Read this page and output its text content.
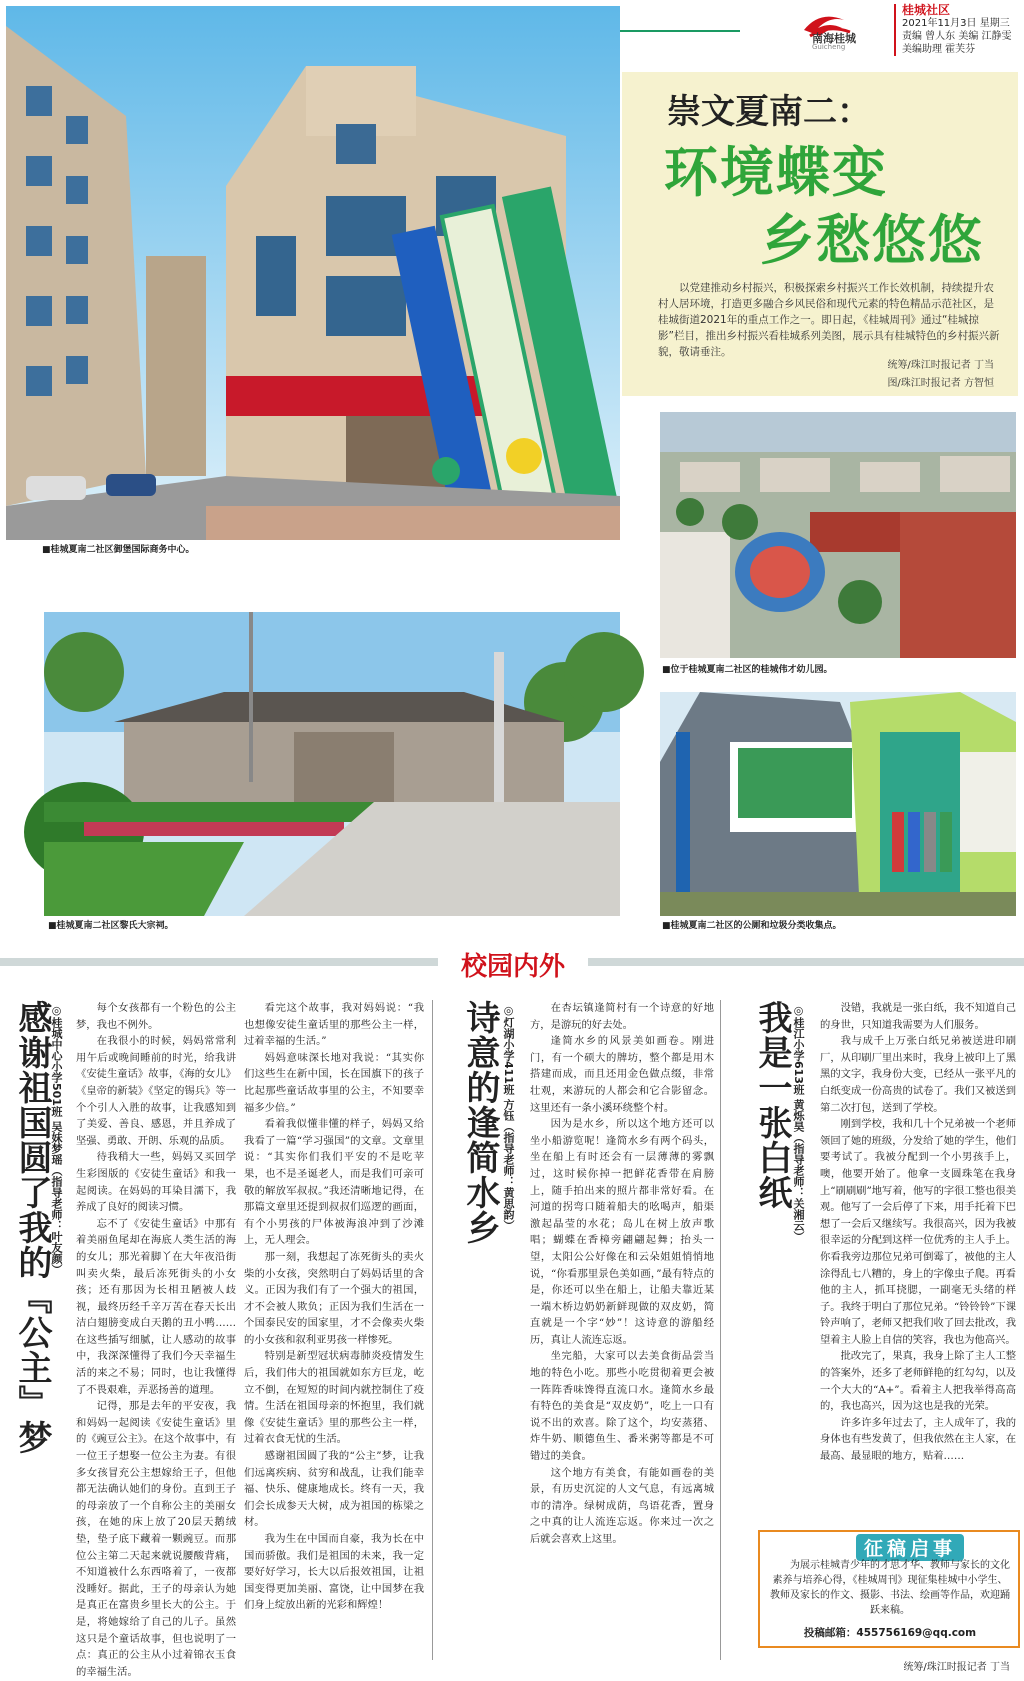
南海桂城
Guicheng
桂城社区
2021年11月3日 星期三
责编 曾人东 美编 江静雯
美编助理 霍芙芬
■桂城夏南二社区御堡国际商务中心。
崇文夏南二：
环境蝶变
乡愁悠悠
以党建推动乡村振兴，积极探索乡村振兴工作长效机制，持续提升农村人居环境，打造更多融合乡风民俗和现代元素的特色精品示范社区，是桂城街道2021年的重点工作之一。即日起，《桂城周刊》通过“桂城掠影”栏目，推出乡村振兴看桂城系列美图，展示具有桂城特色的乡村振兴新貌，敬请垂注。
统筹/珠江时报记者 丁当
图/珠江时报记者 方智恒
■位于桂城夏南二社区的桂城伟才幼儿园。
■桂城夏南二社区黎氏大宗祠。	■桂城夏南二社区的公厕和垃圾分类收集点。
校园内外
感谢祖国圆了我的『公主』梦
◎桂城中心小学501班 吴妹梦瑶（指导老师：叶友颜）	每个女孩都有一个粉色的公主梦，我也不例外。

在我很小的时候，妈妈常常利用午后或晚间睡前的时光，给我讲《安徒生童话》故事，《海的女儿》《皇帝的新装》《坚定的锡兵》等一个个引人入胜的故事，让我感知到了美爱、善良、感恩，并且养成了坚强、勇敢、开朗、乐观的品质。

待我稍大一些，妈妈又买回学生彩图版的《安徒生童话》和我一起阅读。在妈妈的耳染目濡下，我养成了良好的阅读习惯。

忘不了《安徒生童话》中那有着美丽鱼尾却在海底人类生活的海的女儿；那光着脚丫在大年夜沿街叫卖火柴，最后冻死街头的小女孩；还有那因为长相丑陋被人歧视，最终历经千辛万苦在春天长出洁白翅膀变成白天鹅的丑小鸭……在这些插写细腻，让人感动的故事中，我深深懂得了我们今天幸福生活的来之不易；同时，也让我懂得了不畏艰难，弄恶扬善的道理。

记得，那是去年的平安夜，我和妈妈一起阅读《安徒生童话》里的《豌豆公主》。在这个故事中，有一位王子想娶一位公主为妻。有很多女孩冒充公主想嫁给王子，但他都无法确认她们的身份。直到王子的母亲放了一个自称公主的美丽女孩，在她的床上放了20层天鹅绒垫，垫子底下藏着一颗豌豆。而那位公主第二天起来就说腰酸背痛，不知道被什么东西咯着了，一夜都没睡好。据此，王子的母亲认为她是真正在富贵乡里长大的公主。于是，将她嫁给了自己的儿子。虽然这只是个童话故事，但也说明了一点：真正的公主从小过着锦衣玉食的幸福生活。

看完这个故事，我对妈妈说：“我也想像安徒生童话里的那些公主一样，过着幸福的生活。”

妈妈意味深长地对我说：“其实你们这些生在新中国，长在国旗下的孩子比起那些童话故事里的公主，不知要幸福多少倍。”

看着我似懂非懂的样子，妈妈又给我看了一篇“学习强国”的文章。文章里说：“其实你们我们平安的不是吃苹果，也不是圣诞老人，而是我们可亲可敬的解放军叔叔。”我还清晰地记得，在那篇文章里还提到叔叔们巡逻的画面，有个小男孩的尸体被海浪冲到了沙滩上，无人理会。

那一刻，我想起了冻死街头的卖火柴的小女孩，突然明白了妈妈话里的含义。正因为我们有了一个强大的祖国，才不会被人欺负；正因为我们生活在一个国泰民安的国家里，才不会像卖火柴的小女孩和叙利亚男孩一样惨死。

特别是新型冠状病毒肺炎疫情发生后，我们伟大的祖国就如东方巨龙，屹立不倒，在短短的时间内就控制住了疫情。生活在祖国母亲的怀抱里，我们就像《安徒生童话》里的那些公主一样，过着衣食无忧的生活。

感谢祖国圆了我的“公主”梦，让我们远离疾病、贫穷和战乱，让我们能幸福、快乐、健康地成长。终有一天，我们会长成参天大树，成为祖国的栋梁之材。

我为生在中国而自豪，我为长在中国而骄傲。我们是祖国的未来，我一定要好好学习，长大以后报效祖国，让祖国变得更加美丽、富饶，让中国梦在我们身上绽放出新的光彩和辉煌！

诗意的逢简水乡 ◎灯湖小学411班 方钰（指导老师：黄思韵）	在杏坛镇逢简村有一个诗意的好地方，是游玩的好去处。

逢简水乡的风景美如画卷。刚进门，有一个硕大的牌坊，整个都是用木搭建而成，而且还用金色做点缀，非常壮观，来游玩的人都会和它合影留念。这里还有一条小溪环绕整个村。

因为是水乡，所以这个地方还可以坐小船游览呢！逢简水乡有两个码头，坐在船上有时还会有一层薄薄的雾飘过，这时候你掉一把鲜花香带在肩膀上，随手拍出来的照片都非常好看。在河道的拐弯口随着船夫的吆喝声，船渠激起晶莹的水花；岛儿在树上放声歌唱；蝴蝶在香樟旁翩翩起舞；抬头一望，太阳公公好像在和云朵姐姐悄悄地说，“你看那里景色美如画，”最有特点的是，你还可以坐在船上，让船夫靠近某一端木桥边奶奶新鲜现做的双皮奶，简直就是一个字“妙”！这诗意的游船经历，真让人流连忘返。

坐完船，大家可以去美食街品尝当地的特色小吃。那些小吃贯彻着更会被一阵阵香味馋得直流口水。逢简水乡最有特色的美食是“双皮奶”，吃上一口有说不出的欢喜。除了这个，均安蒸猪、炸牛奶、顺德鱼生、番米粥等都是不可错过的美食。

这个地方有美食，有能如画卷的美景，有历史沉淀的人文气息，有远离城市的清净。绿树成荫，鸟语花香，置身之中真的让人流连忘返。你来过一次之后就会喜欢上这里。

我是一张白纸 ◎桂江小学613班 黄烁昊（指导老师：关湘云）	没错，我就是一张白纸，我不知道自己的身世，只知道我需要为人们服务。

我与成千上万张白纸兄弟被送进印刷厂，从印刷厂里出来时，我身上被印上了黑黑的文字，我身份大变，已经从一张平凡的白纸变成一份高贵的试卷了。我们又被送到第二次打包，送到了学校。

刚到学校，我和几十个兄弟被一个老师领回了她的班级，分发给了她的学生，他们要考试了。我被分配到一个小男孩手上，噢，他要开始了。他拿一支圆珠笔在我身上“刷刷刷”地写着，他写的字很工整也很美观。他写了一会后停了下来，用手托着下巴想了一会后又继续写。我很高兴，因为我被很幸运的分配到这样一位优秀的主人手上。你看我旁边那位兄弟可倒霉了，被他的主人涂得乱七八糟的，身上的字像虫子爬。再看他的主人，抓耳挠腮，一副毫无头绪的样子。我终于明白了那位兄弟。“铃铃铃”下课铃声响了，老师又把我们收了回去批改，我望着主人脸上自信的笑容，我也为他高兴。

批改完了，果真，我身上除了主人工整的答案外，还多了老师鲜艳的红勾勾，以及一个大大的“A+”。看着主人把我举得高高的，我也高兴，因为这也是我的光荣。

许多许多年过去了，主人成年了，我的身体也有些发黄了，但我依然在主人家，在最高、最显眼的地方，贴着……

征稿启事
为展示桂城青少年的才思才华、教师与家长的文化素养与培养心得，《桂城周刊》现征集桂城中小学生、教师及家长的作文、摄影、书法、绘画等作品，欢迎踊跃来稿。
投稿邮箱：455756169@qq.com
统筹/珠江时报记者 丁当
